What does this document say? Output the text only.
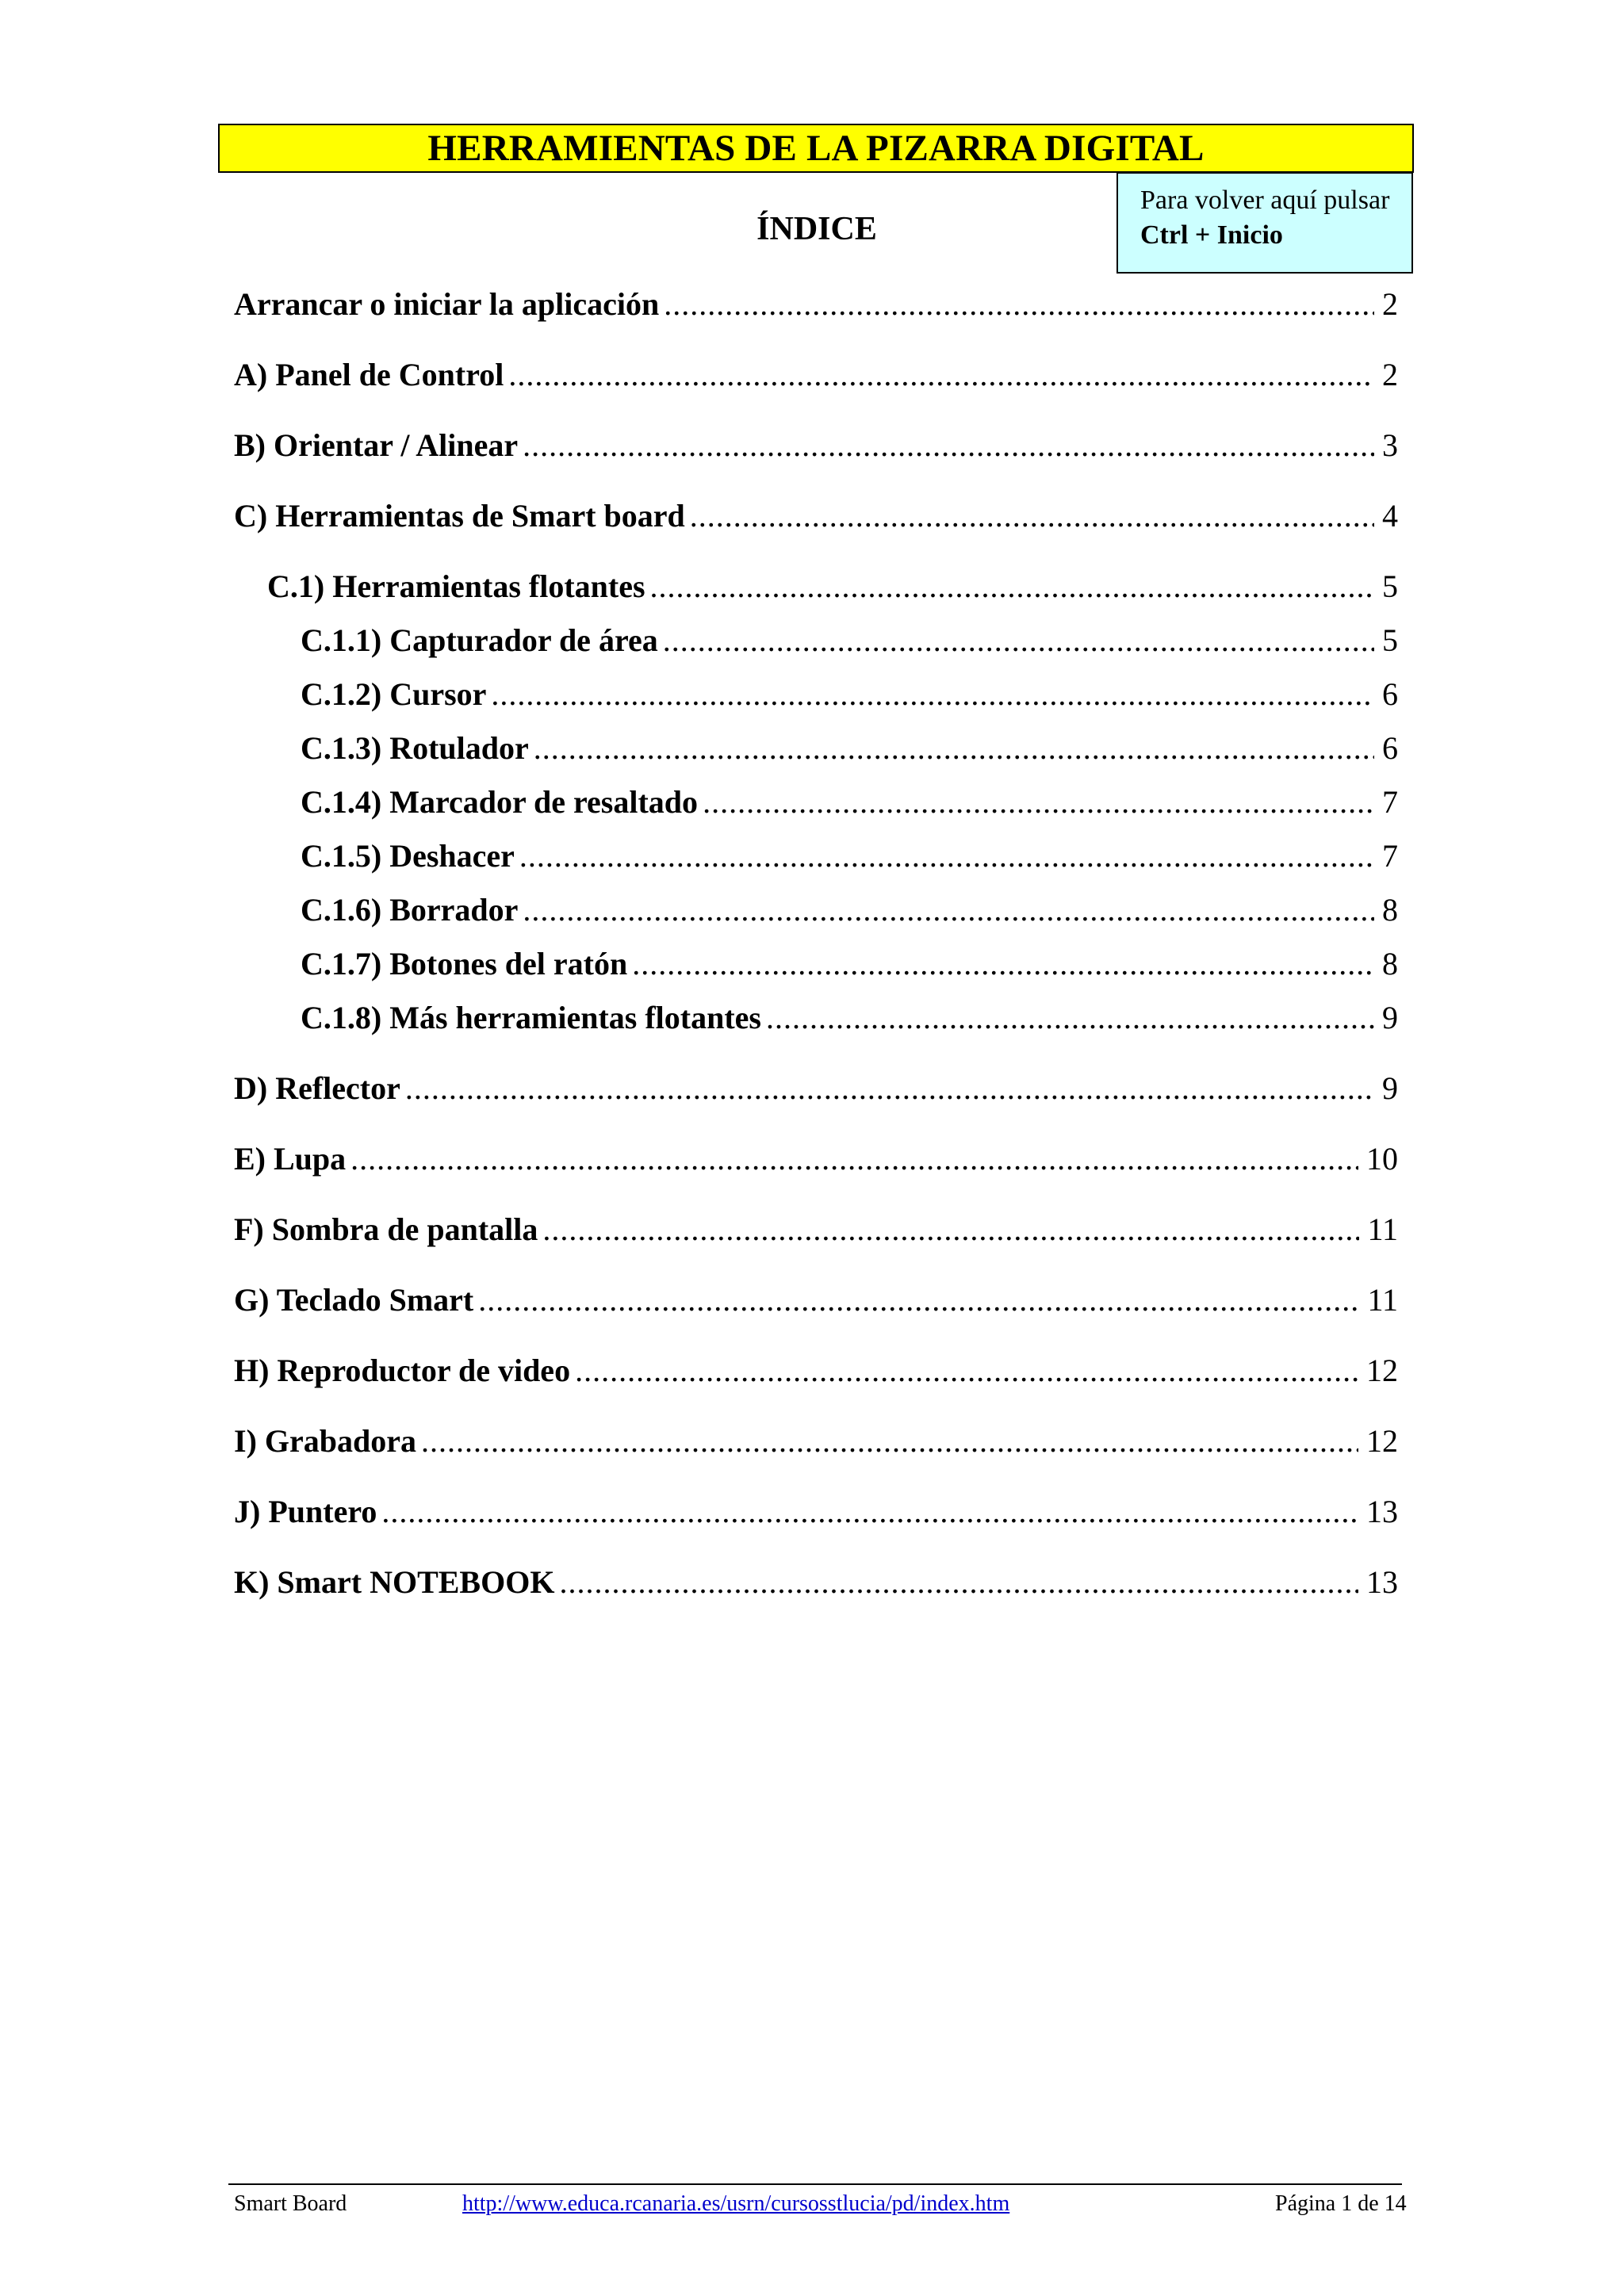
HERRAMIENTAS DE LA PIZARRA DIGITAL
Para volver aquí pulsar
Ctrl + Inicio
ÍNDICE
Arrancar o iniciar la aplicación .....	2
A) Panel de Control .....	2
B) Orientar / Alinear .....	3
C) Herramientas de Smart board .....	4
C.1) Herramientas flotantes .....	5
C.1.1) Capturador de área .....	5
C.1.2) Cursor .....	6
C.1.3) Rotulador .....	6
C.1.4) Marcador de resaltado .....	7
C.1.5) Deshacer .....	7
C.1.6) Borrador .....	8
C.1.7) Botones del ratón .....	8
C.1.8) Más herramientas flotantes .....	9
D) Reflector .....	9
E) Lupa .....	10
F) Sombra de pantalla .....	11
G) Teclado Smart .....	11
H) Reproductor de video .....	12
I) Grabadora .....	12
J) Puntero .....	13
K) Smart NOTEBOOK .....	13
Smart Board	http://www.educa.rcanaria.es/usrn/cursosstlucia/pd/index.htm	Página 1 de 14
